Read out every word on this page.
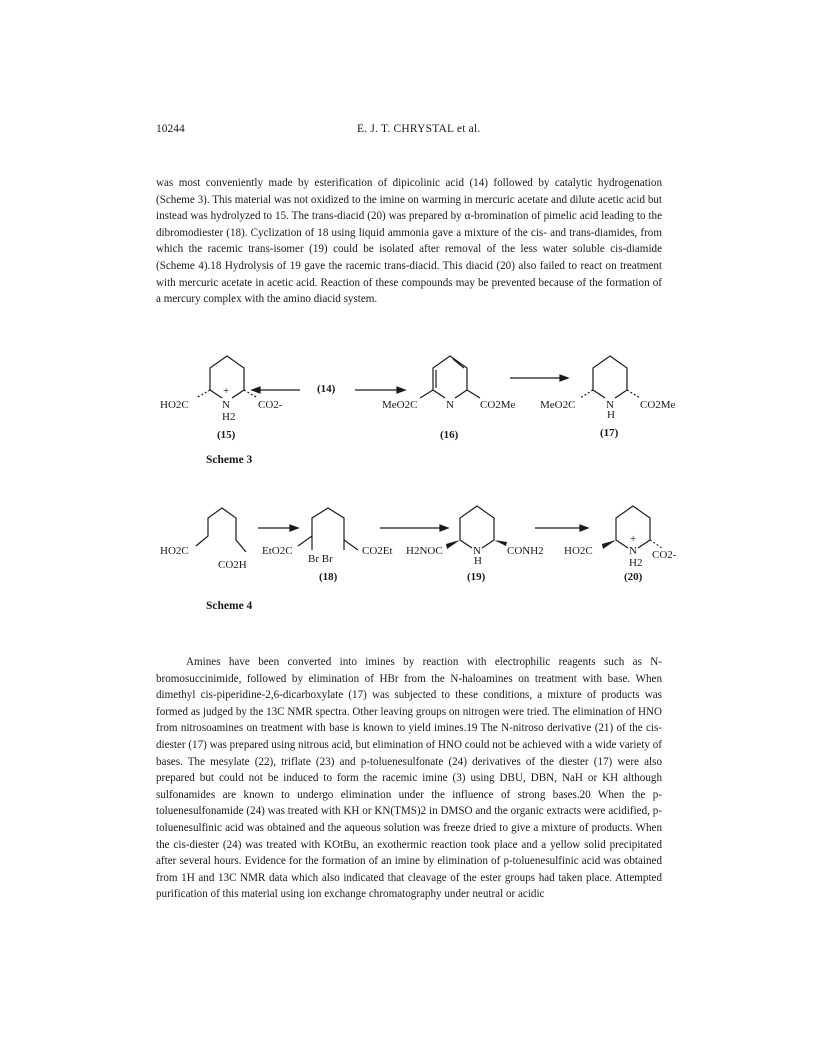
10244	E. J. T. CHRYSTAL et al.

was most conveniently made by esterification of dipicolinic acid (14) followed by catalytic hydrogenation (Scheme 3). This material was not oxidized to the imine on warming in mercuric acetate and dilute acetic acid but instead was hydrolyzed to 15. The trans-diacid (20) was prepared by α-bromination of pimelic acid leading to the dibromodiester (18). Cyclization of 18 using liquid ammonia gave a mixture of the cis- and trans-diamides, from which the racemic trans-isomer (19) could be isolated after removal of the less water soluble cis-diamide (Scheme 4).18 Hydrolysis of 19 gave the racemic trans-diacid. This diacid (20) also failed to react on treatment with mercuric acetate in acetic acid. Reaction of these compounds may be prevented because of the formation of a mercury complex with the amino diacid system.

HO2C
+
N
H2
CO2-
(15)
(14)
MeO2C	N CO2Me
(16)
MeO2C	N
H
CO2Me
(17)
Scheme 3
HO2C
CO2H
EtO2C
Br Br
CO2Et
(18)
H2NOC	N
H
CONH2
(19)
HO2C
+
N
H2
CO2-
(20)
Scheme 4

Amines have been converted into imines by reaction with electrophilic reagents such as N-bromosuccinimide, followed by elimination of HBr from the N-haloamines on treatment with base. When dimethyl cis-piperidine-2,6-dicarboxylate (17) was subjected to these conditions, a mixture of products was formed as judged by the 13C NMR spectra. Other leaving groups on nitrogen were tried. The elimination of HNO from nitrosoamines on treatment with base is known to yield imines.19 The N-nitroso derivative (21) of the cis-diester (17) was prepared using nitrous acid, but elimination of HNO could not be achieved with a wide variety of bases. The mesylate (22), triflate (23) and p-toluenesulfonate (24) derivatives of the diester (17) were also prepared but could not be induced to form the racemic imine (3) using DBU, DBN, NaH or KH although sulfonamides are known to undergo elimination under the influence of strong bases.20 When the p-toluenesulfonamide (24) was treated with KH or KN(TMS)2 in DMSO and the organic extracts were acidified, p-toluenesulfinic acid was obtained and the aqueous solution was freeze dried to give a mixture of products. When the cis-diester (24) was treated with KOtBu, an exothermic reaction took place and a yellow solid precipitated after several hours. Evidence for the formation of an imine by elimination of p-toluenesulfinic acid was obtained from 1H and 13C NMR data which also indicated that cleavage of the ester groups had taken place. Attempted purification of this material using ion exchange chromatography under neutral or acidic
